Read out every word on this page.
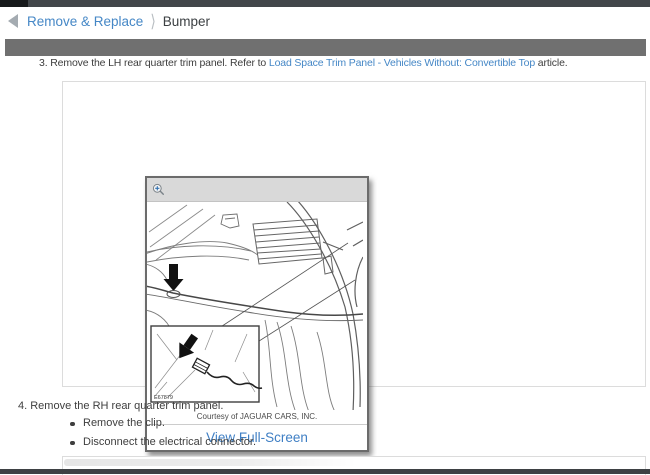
Remove & Replace ⟩ Bumper
3. Remove the LH rear quarter trim panel. Refer to Load Space Trim Panel - Vehicles Without: Convertible Top article.
E67879
Courtesy of JAGUAR CARS, INC.
View Full-Screen
4. Remove the RH rear quarter trim panel.
Remove the clip.
Disconnect the electrical connector.
